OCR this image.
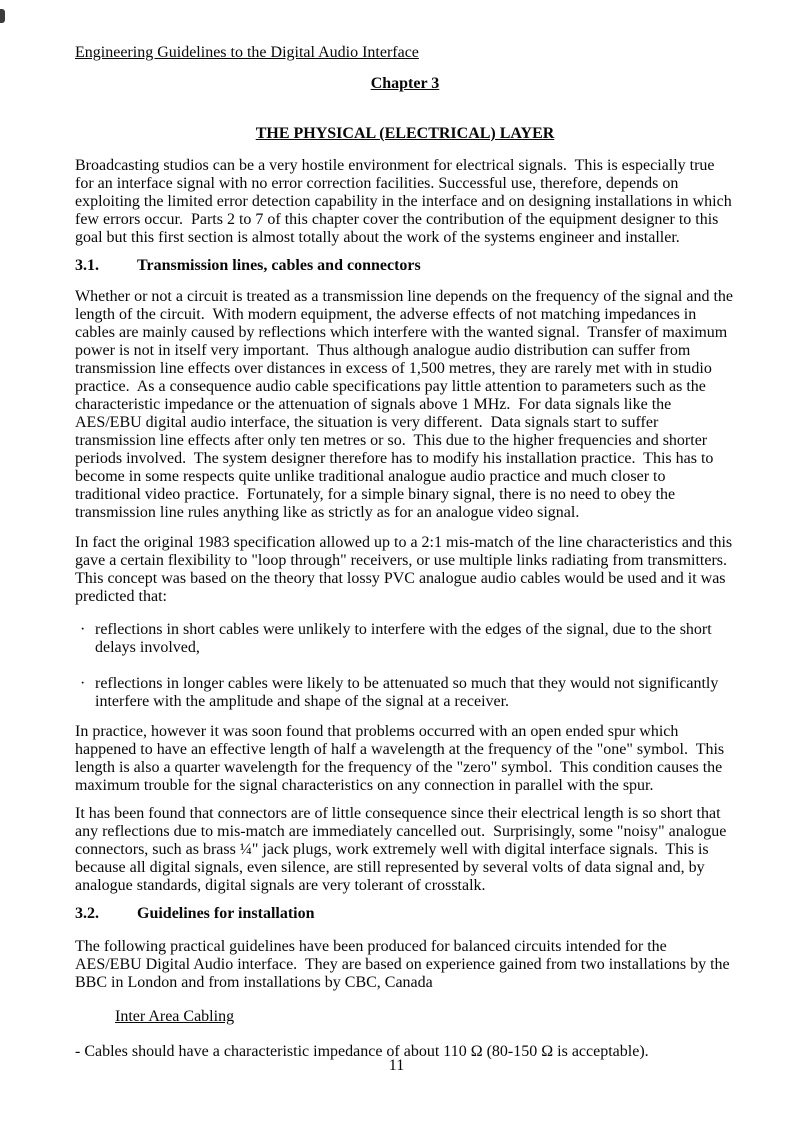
Engineering Guidelines to the Digital Audio Interface
Chapter 3
THE PHYSICAL (ELECTRICAL) LAYER

Broadcasting studios can be a very hostile environment for electrical signals.  This is especially true for an interface signal with no error correction facilities. Successful use, therefore, depends on exploiting the limited error detection capability in the interface and on designing installations in which few errors occur.  Parts 2 to 7 of this chapter cover the contribution of the equipment designer to this goal but this first section is almost totally about the work of the systems engineer and installer.

3.1. Transmission lines, cables and connectors

Whether or not a circuit is treated as a transmission line depends on the frequency of the signal and the length of the circuit.  With modern equipment, the adverse effects of not matching impedances in cables are mainly caused by reflections which interfere with the wanted signal.  Transfer of maximum power is not in itself very important.  Thus although analogue audio distribution can suffer from transmission line effects over distances in excess of 1,500 metres, they are rarely met with in studio practice.  As a consequence audio cable specifications pay little attention to parameters such as the characteristic impedance or the attenuation of signals above 1 MHz.  For data signals like the AES/EBU digital audio interface, the situation is very different.  Data signals start to suffer transmission line effects after only ten metres or so.  This due to the higher frequencies and shorter periods involved.  The system designer therefore has to modify his installation practice.  This has to become in some respects quite unlike traditional analogue audio practice and much closer to traditional video practice.  Fortunately, for a simple binary signal, there is no need to obey the transmission line rules anything like as strictly as for an analogue video signal.

In fact the original 1983 specification allowed up to a 2:1 mis-match of the line characteristics and this gave a certain flexibility to "loop through" receivers, or use multiple links radiating from transmitters.  This concept was based on the theory that lossy PVC analogue audio cables would be used and it was predicted that:

· reflections in short cables were unlikely to interfere with the edges of the signal, due to the short delays involved,
· reflections in longer cables were likely to be attenuated so much that they would not significantly interfere with the amplitude and shape of the signal at a receiver.

In practice, however it was soon found that problems occurred with an open ended spur which happened to have an effective length of half a wavelength at the frequency of the "one" symbol.  This length is also a quarter wavelength for the frequency of the "zero" symbol.  This condition causes the maximum trouble for the signal characteristics on any connection in parallel with the spur.

It has been found that connectors are of little consequence since their electrical length is so short that any reflections due to mis-match are immediately cancelled out.  Surprisingly, some "noisy" analogue connectors, such as brass ¼" jack plugs, work extremely well with digital interface signals.  This is because all digital signals, even silence, are still represented by several volts of data signal and, by analogue standards, digital signals are very tolerant of crosstalk.

3.2. Guidelines for installation

The following practical guidelines have been produced for balanced circuits intended for the AES/EBU Digital Audio interface.  They are based on experience gained from two installations by the BBC in London and from installations by CBC, Canada

Inter Area Cabling

- Cables should have a characteristic impedance of about 110 Ω (80-150 Ω is acceptable).

11
